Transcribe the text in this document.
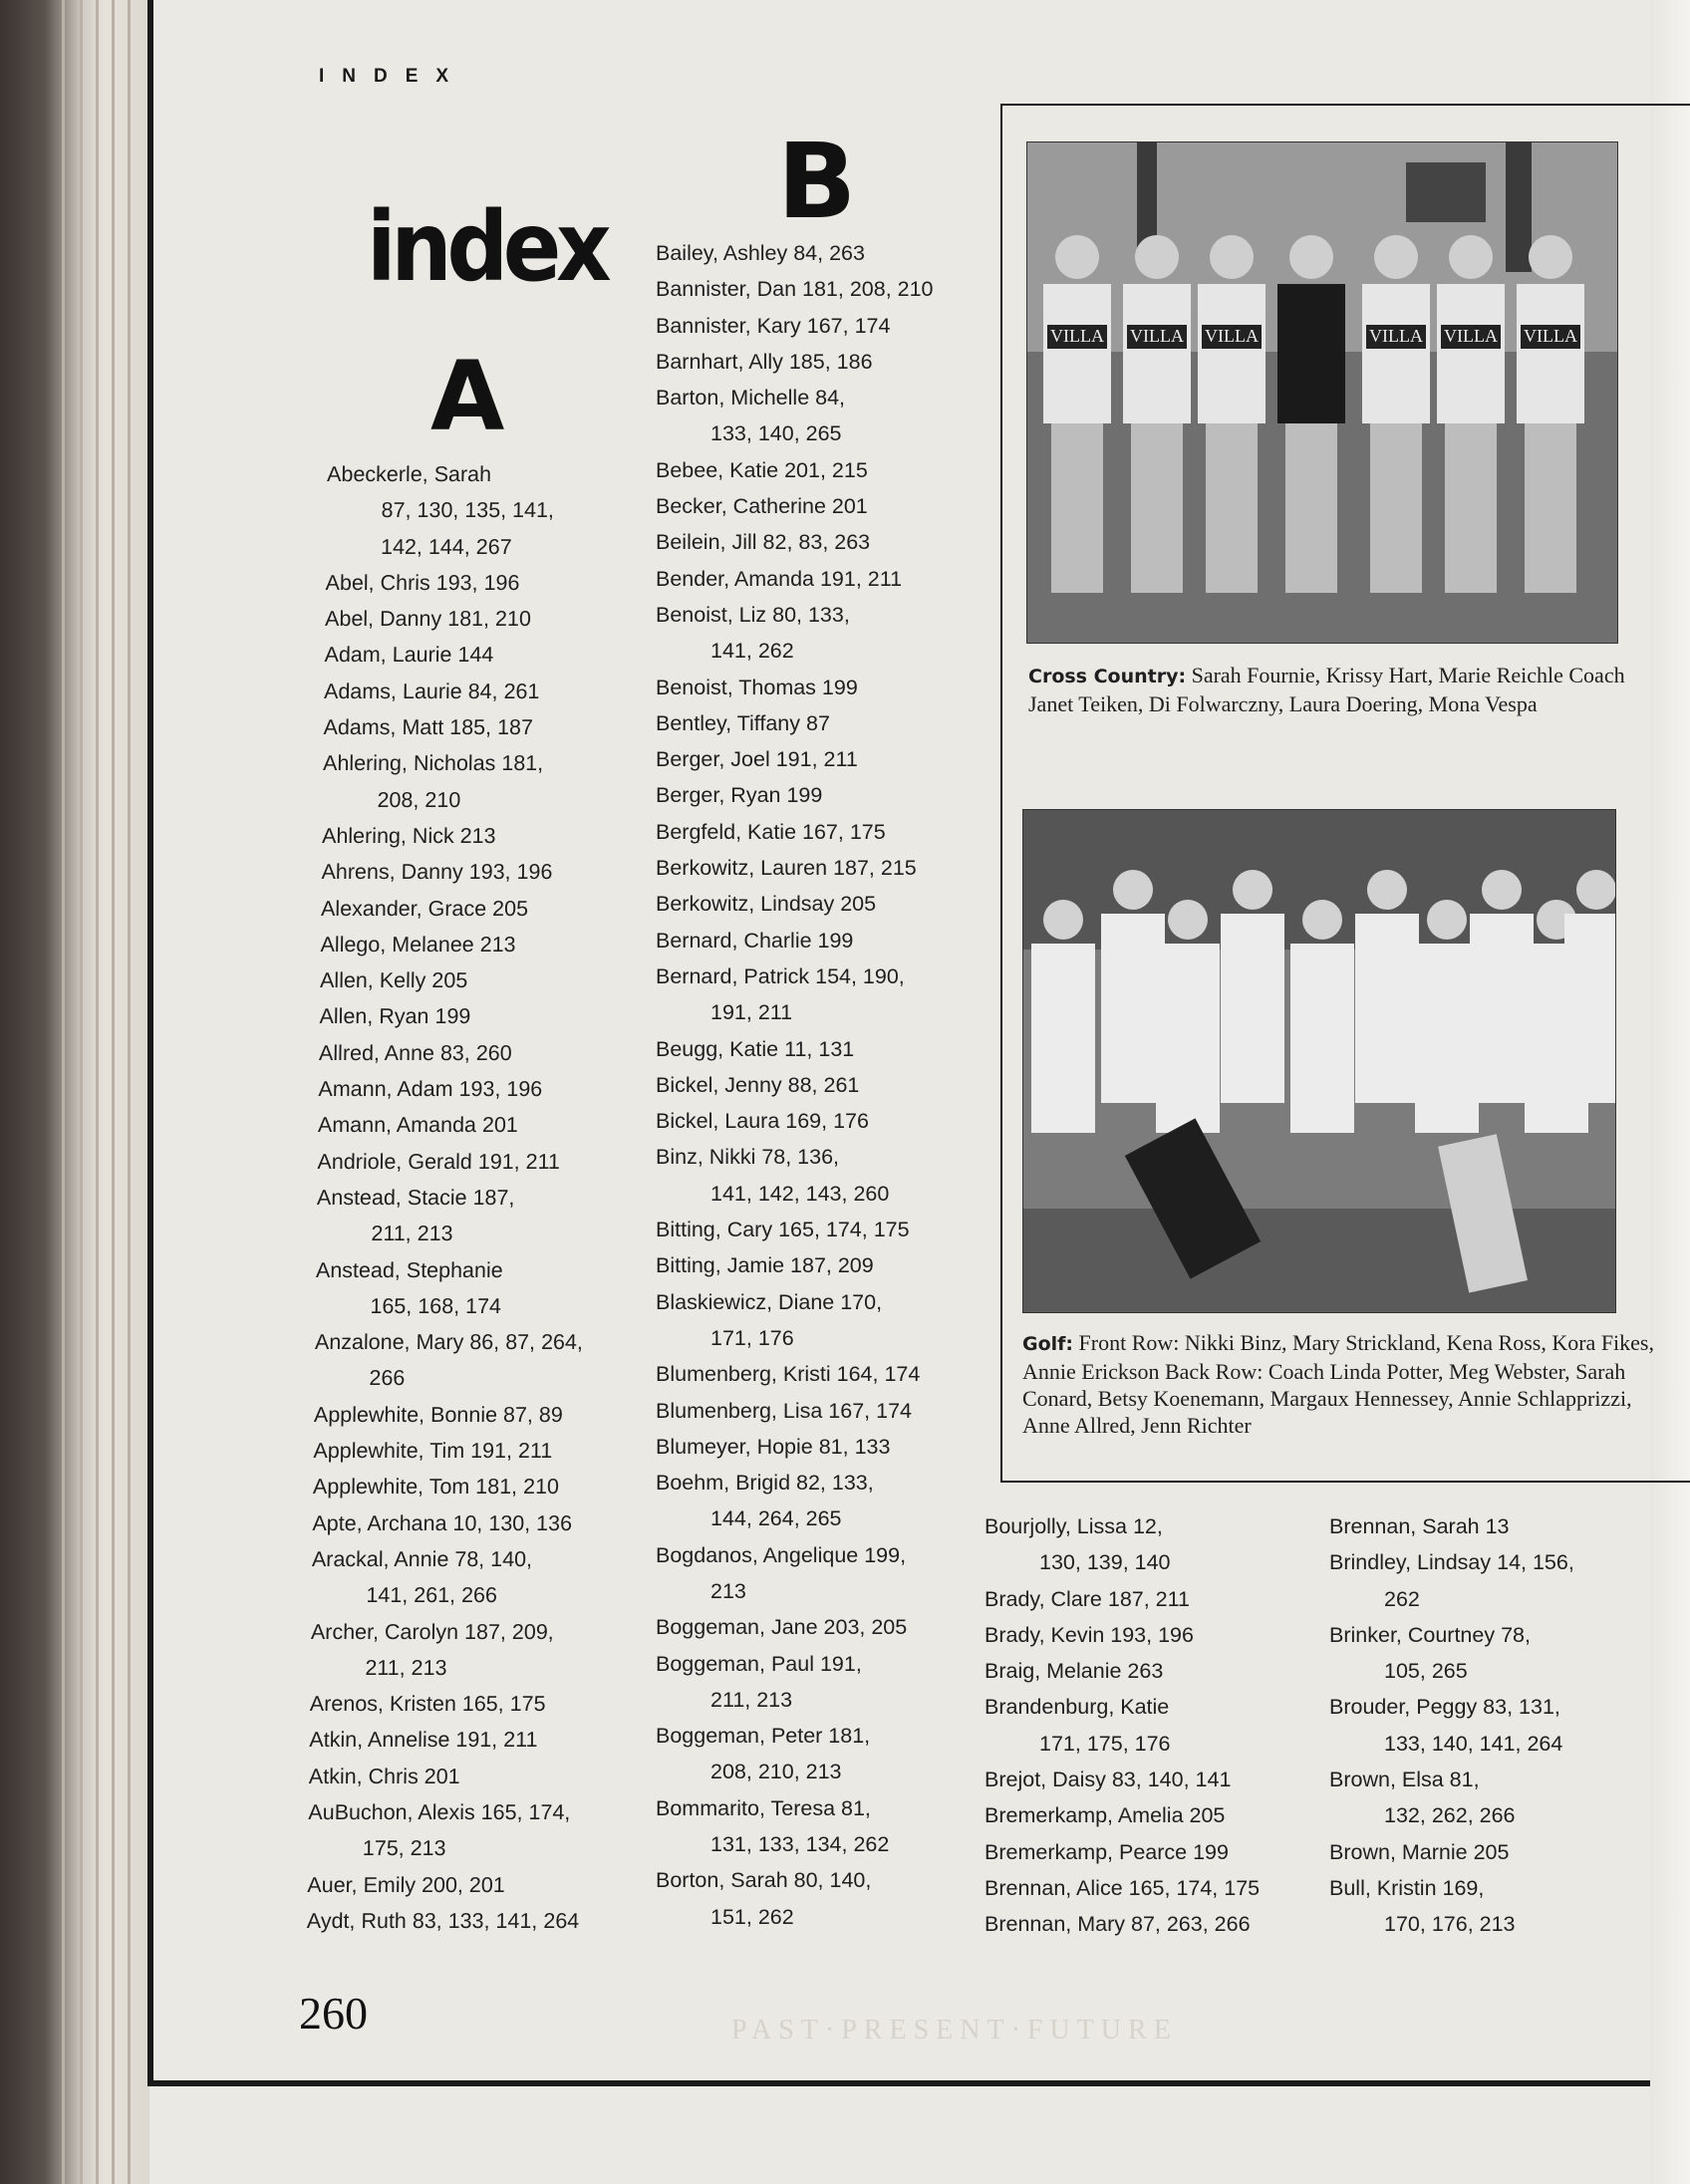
INDEX
index
A
B
Abeckerle, Sarah
87, 130, 135, 141,
142, 144, 267
Abel, Chris 193, 196
Abel, Danny 181, 210
Adam, Laurie 144
Adams, Laurie 84, 261
Adams, Matt 185, 187
Ahlering, Nicholas 181,
208, 210
Ahlering, Nick 213
Ahrens, Danny 193, 196
Alexander, Grace 205
Allego, Melanee 213
Allen, Kelly 205
Allen, Ryan 199
Allred, Anne 83, 260
Amann, Adam 193, 196
Amann, Amanda 201
Andriole, Gerald 191, 211
Anstead, Stacie 187,
211, 213
Anstead, Stephanie
165, 168, 174
Anzalone, Mary 86, 87, 264,
266
Applewhite, Bonnie 87, 89
Applewhite, Tim 191, 211
Applewhite, Tom 181, 210
Apte, Archana 10, 130, 136
Arackal, Annie 78, 140,
141, 261, 266
Archer, Carolyn 187, 209,
211, 213
Arenos, Kristen 165, 175
Atkin, Annelise 191, 211
Atkin, Chris 201
AuBuchon, Alexis 165, 174,
175, 213
Auer, Emily 200, 201
Aydt, Ruth 83, 133, 141, 264
Bailey, Ashley 84, 263
Bannister, Dan 181, 208, 210
Bannister, Kary 167, 174
Barnhart, Ally 185, 186
Barton, Michelle 84,
133, 140, 265
Bebee, Katie 201, 215
Becker, Catherine 201
Beilein, Jill 82, 83, 263
Bender, Amanda 191, 211
Benoist, Liz 80, 133,
141, 262
Benoist, Thomas 199
Bentley, Tiffany 87
Berger, Joel 191, 211
Berger, Ryan 199
Bergfeld, Katie 167, 175
Berkowitz, Lauren 187, 215
Berkowitz, Lindsay 205
Bernard, Charlie 199
Bernard, Patrick 154, 190,
191, 211
Beugg, Katie 11, 131
Bickel, Jenny 88, 261
Bickel, Laura 169, 176
Binz, Nikki 78, 136,
141, 142, 143, 260
Bitting, Cary 165, 174, 175
Bitting, Jamie 187, 209
Blaskiewicz, Diane 170,
171, 176
Blumenberg, Kristi 164, 174
Blumenberg, Lisa 167, 174
Blumeyer, Hopie 81, 133
Boehm, Brigid 82, 133,
144, 264, 265
Bogdanos, Angelique 199,
213
Boggeman, Jane 203, 205
Boggeman, Paul 191,
211, 213
Boggeman, Peter 181,
208, 210, 213
Bommarito, Teresa 81,
131, 133, 134, 262
Borton, Sarah 80, 140,
151, 262
Bourjolly, Lissa 12,
130, 139, 140
Brady, Clare 187, 211
Brady, Kevin 193, 196
Braig, Melanie 263
Brandenburg, Katie
171, 175, 176
Brejot, Daisy 83, 140, 141
Bremerkamp, Amelia 205
Bremerkamp, Pearce 199
Brennan, Alice 165, 174, 175
Brennan, Mary 87, 263, 266
Brennan, Sarah 13
Brindley, Lindsay 14, 156,
262
Brinker, Courtney 78,
105, 265
Brouder, Peggy 83, 131,
133, 140, 141, 264
Brown, Elsa 81,
132, 262, 266
Brown, Marnie 205
Bull, Kristin 169,
170, 176, 213
VILLA VILLA VILLA	VILLA VILLA VILLA
Cross Country: Sarah Fournie, Krissy Hart, Marie Reichle Coach Janet Teiken, Di Folwarczny, Laura Doering, Mona Vespa
Golf: Front Row: Nikki Binz, Mary Strickland, Kena Ross, Kora Fikes, Annie Erickson Back Row: Coach Linda Potter, Meg Webster, Sarah Conard, Betsy Koenemann, Margaux Hennessey, Annie Schlapprizzi, Anne Allred, Jenn Richter
260	PAST·PRESENT·FUTURE
